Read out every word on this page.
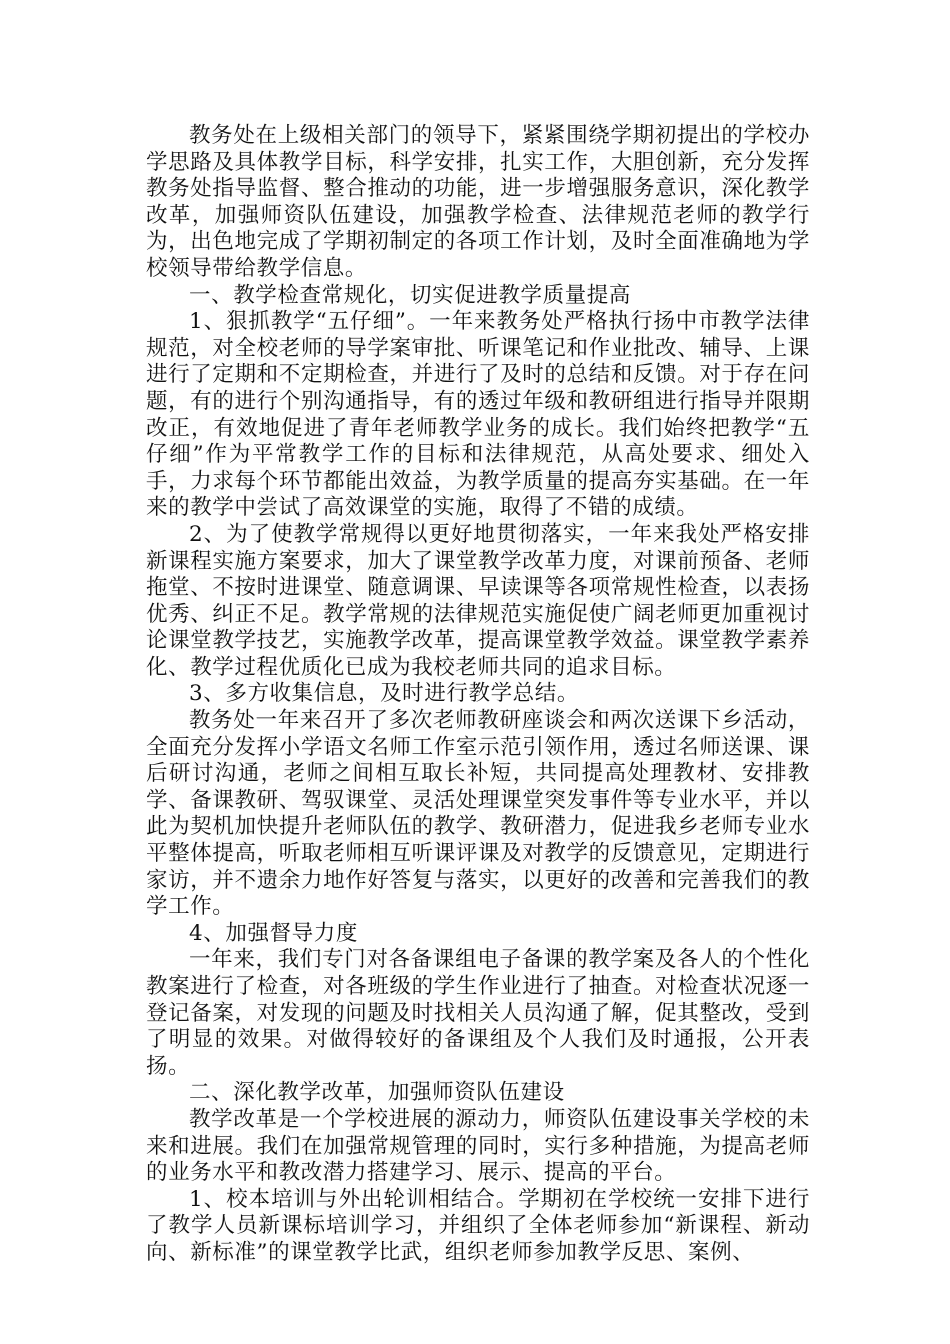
教务处在上级相关部门的领导下，紧紧围绕学期初提出的学校办学思路及具体教学目标，科学安排，扎实工作，大胆创新，充分发挥教务处指导监督、整合推动的功能，进一步增强服务意识，深化教学改革，加强师资队伍建设，加强教学检查、法律规范老师的教学行为，出色地完成了学期初制定的各项工作计划，及时全面准确地为学校领导带给教学信息。

一、教学检查常规化，切实促进教学质量提高

1、狠抓教学“五仔细”。一年来教务处严格执行扬中市教学法律规范，对全校老师的导学案审批、听课笔记和作业批改、辅导、上课进行了定期和不定期检查，并进行了及时的总结和反馈。对于存在问题，有的进行个别沟通指导，有的透过年级和教研组进行指导并限期改正，有效地促进了青年老师教学业务的成长。我们始终把教学“五仔细”作为平常教学工作的目标和法律规范，从高处要求、细处入手，力求每个环节都能出效益，为教学质量的提高夯实基础。在一年来的教学中尝试了高效课堂的实施，取得了不错的成绩。

2、为了使教学常规得以更好地贯彻落实，一年来我处严格安排新课程实施方案要求，加大了课堂教学改革力度，对课前预备、老师拖堂、不按时进课堂、随意调课、早读课等各项常规性检查，以表扬优秀、纠正不足。教学常规的法律规范实施促使广阔老师更加重视讨论课堂教学技艺，实施教学改革，提高课堂教学效益。课堂教学素养化、教学过程优质化已成为我校老师共同的追求目标。

3、多方收集信息，及时进行教学总结。

教务处一年来召开了多次老师教研座谈会和两次送课下乡活动，全面充分发挥小学语文名师工作室示范引领作用，透过名师送课、课后研讨沟通，老师之间相互取长补短，共同提高处理教材、安排教学、备课教研、驾驭课堂、灵活处理课堂突发事件等专业水平，并以此为契机加快提升老师队伍的教学、教研潜力，促进我乡老师专业水平整体提高，听取老师相互听课评课及对教学的反馈意见，定期进行家访，并不遗余力地作好答复与落实，以更好的改善和完善我们的教学工作。

4、加强督导力度

一年来，我们专门对各备课组电子备课的教学案及各人的个性化教案进行了检查，对各班级的学生作业进行了抽查。对检查状况逐一登记备案，对发现的问题及时找相关人员沟通了解，促其整改，受到了明显的效果。对做得较好的备课组及个人我们及时通报，公开表扬。

二、深化教学改革，加强师资队伍建设

教学改革是一个学校进展的源动力，师资队伍建设事关学校的未来和进展。我们在加强常规管理的同时，实行多种措施，为提高老师的业务水平和教改潜力搭建学习、展示、提高的平台。

1、校本培训与外出轮训相结合。学期初在学校统一安排下进行了教学人员新课标培训学习，并组织了全体老师参加“新课程、新动向、新标准”的课堂教学比武，组织老师参加教学反思、案例、
